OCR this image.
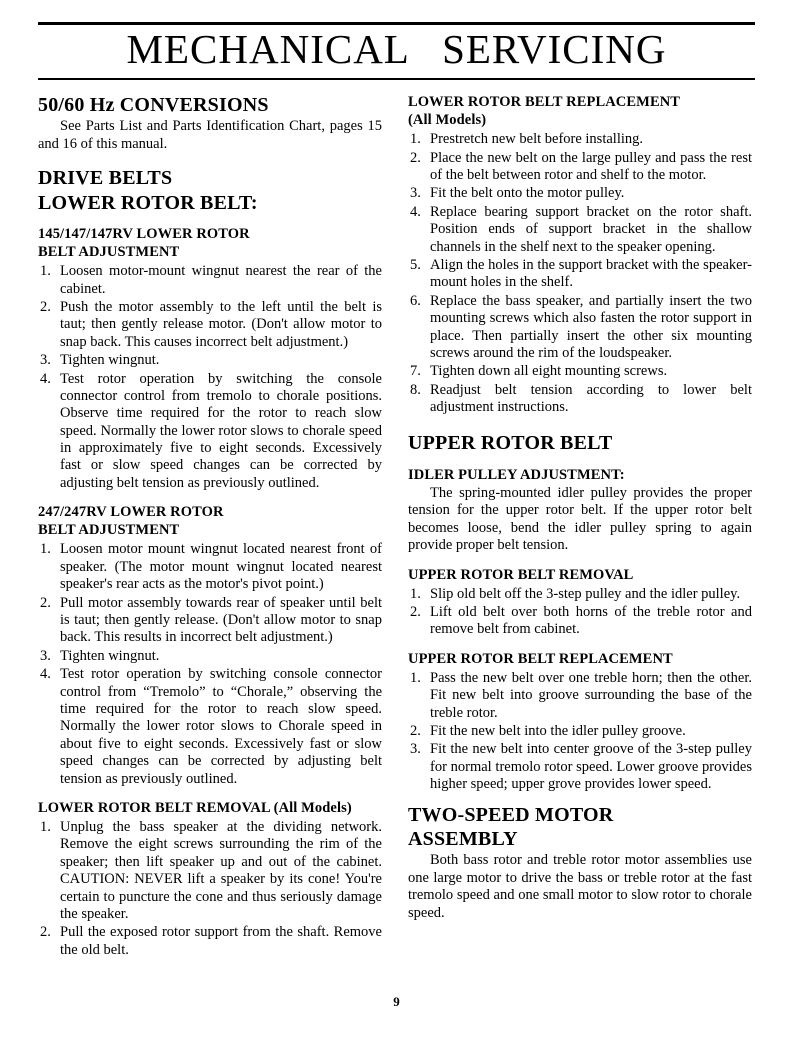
MECHANICAL   SERVICING
50/60 Hz CONVERSIONS

See Parts List and Parts Identification Chart, pages 15 and 16 of this manual.

DRIVE BELTS
LOWER ROTOR BELT:
145/147/147RV LOWER ROTOR
BELT ADJUSTMENT
1. Loosen motor-mount wingnut nearest the rear of the cabinet.
2. Push the motor assembly to the left until the belt is taut; then gently release motor. (Don't allow motor to snap back. This causes incorrect belt adjustment.)
3. Tighten wingnut.
4. Test rotor operation by switching the console connector control from tremolo to chorale positions. Observe time required for the rotor to reach slow speed. Normally the lower rotor slows to chorale speed in approximately five to eight seconds. Excessively fast or slow speed changes can be corrected by adjusting belt tension as previously outlined.
247/247RV LOWER ROTOR
BELT ADJUSTMENT
1. Loosen motor mount wingnut located nearest front of speaker. (The motor mount wingnut located nearest speaker's rear acts as the motor's pivot point.)
2. Pull motor assembly towards rear of speaker until belt is taut; then gently release. (Don't allow motor to snap back. This results in incorrect belt adjustment.)
3. Tighten wingnut.
4. Test rotor operation by switching console connector control from “Tremolo” to “Chorale,” observing the time required for the rotor to reach slow speed. Normally the lower rotor slows to Chorale speed in about five to eight seconds. Excessively fast or slow speed changes can be corrected by adjusting belt tension as previously outlined.
LOWER ROTOR BELT REMOVAL (All Models)
1. Unplug the bass speaker at the dividing network. Remove the eight screws surrounding the rim of the speaker; then lift speaker up and out of the cabinet. CAUTION: NEVER lift a speaker by its cone! You're certain to puncture the cone and thus seriously damage the speaker.
2. Pull the exposed rotor support from the shaft. Remove the old belt.
LOWER ROTOR BELT REPLACEMENT
(All Models)
1. Prestretch new belt before installing.
2. Place the new belt on the large pulley and pass the rest of the belt between rotor and shelf to the motor.
3. Fit the belt onto the motor pulley.
4. Replace bearing support bracket on the rotor shaft. Position ends of support bracket in the shallow channels in the shelf next to the speaker opening.
5. Align the holes in the support bracket with the speaker-mount holes in the shelf.
6. Replace the bass speaker, and partially insert the two mounting screws which also fasten the rotor support in place. Then partially insert the other six mounting screws around the rim of the loudspeaker.
7. Tighten down all eight mounting screws.
8. Readjust belt tension according to lower belt adjustment instructions.
UPPER ROTOR BELT
IDLER PULLEY ADJUSTMENT:

The spring-mounted idler pulley provides the proper tension for the upper rotor belt. If the upper rotor belt becomes loose, bend the idler pulley spring to again provide proper belt tension.

UPPER ROTOR BELT REMOVAL
1. Slip old belt off the 3-step pulley and the idler pulley.
2. Lift old belt over both horns of the treble rotor and remove belt from cabinet.
UPPER ROTOR BELT REPLACEMENT
1. Pass the new belt over one treble horn; then the other. Fit new belt into groove surrounding the base of the treble rotor.
2. Fit the new belt into the idler pulley groove.
3. Fit the new belt into center groove of the 3-step pulley for normal tremolo rotor speed. Lower groove provides higher speed; upper grove provides lower speed.
TWO-SPEED MOTOR
ASSEMBLY

Both bass rotor and treble rotor motor assemblies use one large motor to drive the bass or treble rotor at the fast tremolo speed and one small motor to slow rotor to chorale speed.

9
